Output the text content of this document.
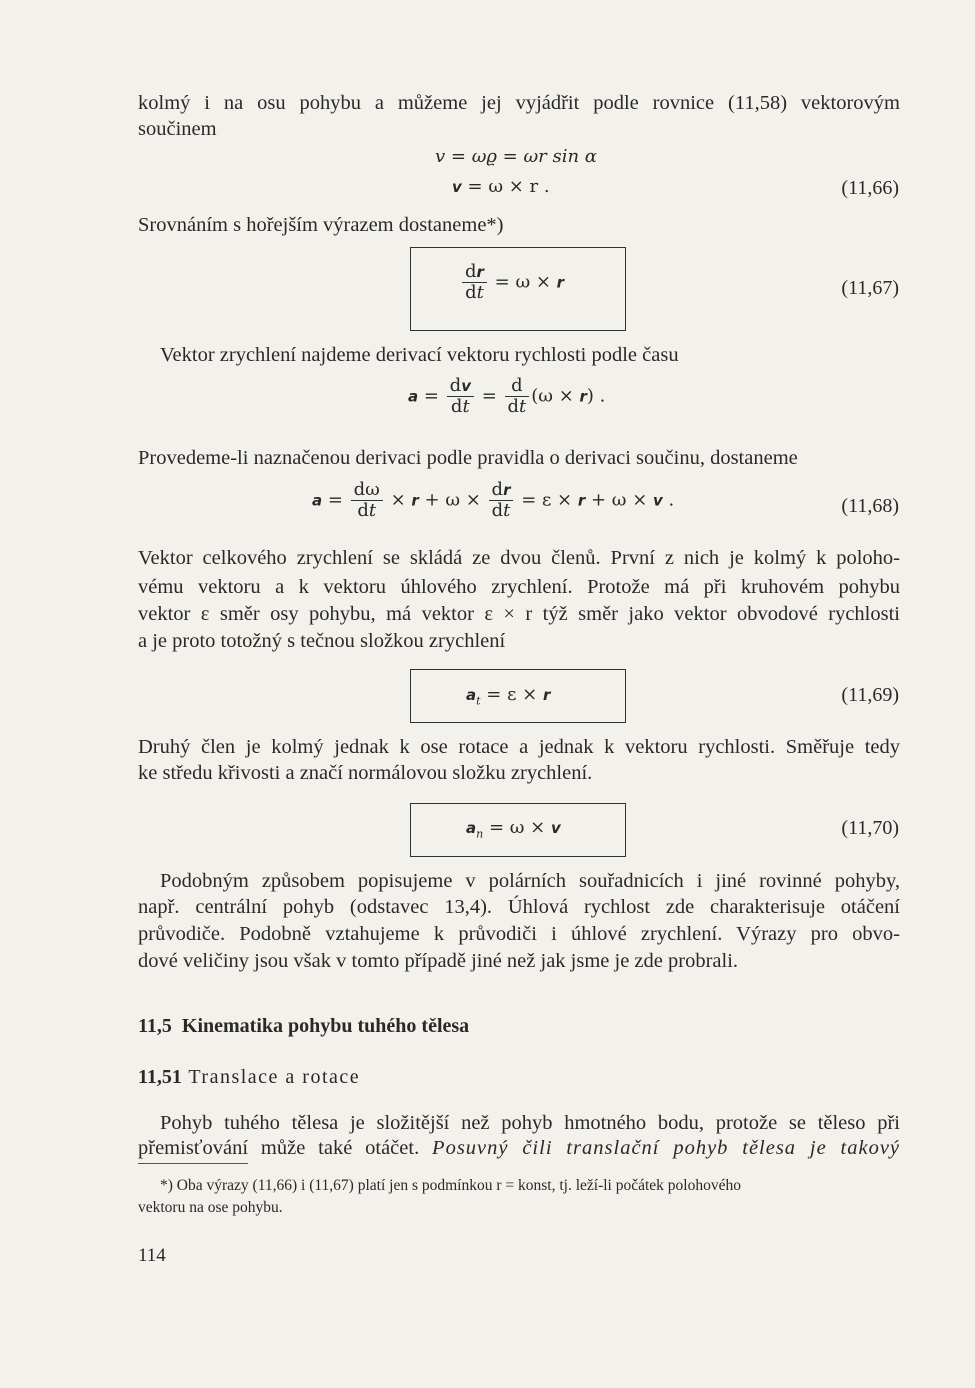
kolmý i na osu pohybu a můžeme jej vyjádřit podle rovnice (11,58) vektorovým

součinem

v = ωϱ = ωr sin α
v = ω × r .	(11,66)

Srovnáním s hořejším výrazem dostaneme*)

$\frac{dr}{dt} = \omega \times r$	(11,67)

Vektor zrychlení najdeme derivací vektoru rychlosti podle času

$a = \frac{dv}{dt} = \frac{d}{dt} (\omega \times r)$ .

Provedeme-li naznačenou derivaci podle pravidla o derivaci součinu, dostaneme

$a = \frac{d\omega}{dt} \times r + \omega \times \frac{dr}{dt} = \varepsilon \times r + \omega \times v$ .	(11,68)

Vektor celkového zrychlení se skládá ze dvou členů. První z nich je kolmý k poloho-

vému vektoru a k vektoru úhlového zrychlení. Protože má při kruhovém pohybu

vektor ε směr osy pohybu, má vektor ε × r týž směr jako vektor obvodové rychlosti

a je proto totožný s tečnou složkou zrychlení

$a_t = \varepsilon \times r$	(11,69)

Druhý člen je kolmý jednak k ose rotace a jednak k vektoru rychlosti. Směřuje tedy

ke středu křivosti a značí normálovou složku zrychlení.

$a_n = \omega \times v$	(11,70)

Podobným způsobem popisujeme v polárních souřadnicích i jiné rovinné pohyby,

např. centrální pohyb (odstavec 13,4). Úhlová rychlost zde charakterisuje otáčení

průvodiče. Podobně vztahujeme k průvodiči i úhlové zrychlení. Výrazy pro obvo-

dové veličiny jsou však v tomto případě jiné než jak jsme je zde probrali.

11,5 Kinematika pohybu tuhého tělesa
11,51 Translace a rotace

Pohyb tuhého tělesa je složitější než pohyb hmotného bodu, protože se těleso při

přemisťování může také otáčet. Posuvný čili translační pohyb tělesa je takový

*) Oba výrazy (11,66) i (11,67) platí jen s podmínkou r = konst, tj. leží-li počátek polohového
vektoru na ose pohybu.
114
